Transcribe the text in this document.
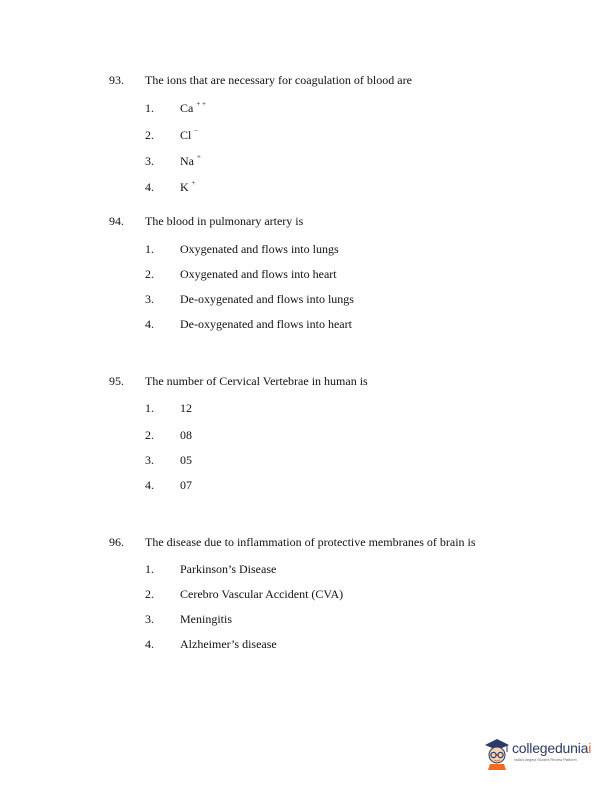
93. The ions that are necessary for coagulation of blood are
1. Ca + +
2. Cl −
3. Na +
4. K +
94. The blood in pulmonary artery is
1. Oxygenated and flows into lungs
2. Oxygenated and flows into heart
3. De-oxygenated and flows into lungs
4. De-oxygenated and flows into heart
95. The number of Cervical Vertebrae in human is
1. 12
2. 08
3. 05
4. 07
96. The disease due to inflammation of protective membranes of brain is
1. Parkinson’s Disease
2. Cerebro Vascular Accident (CVA)
3. Meningitis
4. Alzheimer’s disease
collegeduniai
India's largest Student Review Platform
